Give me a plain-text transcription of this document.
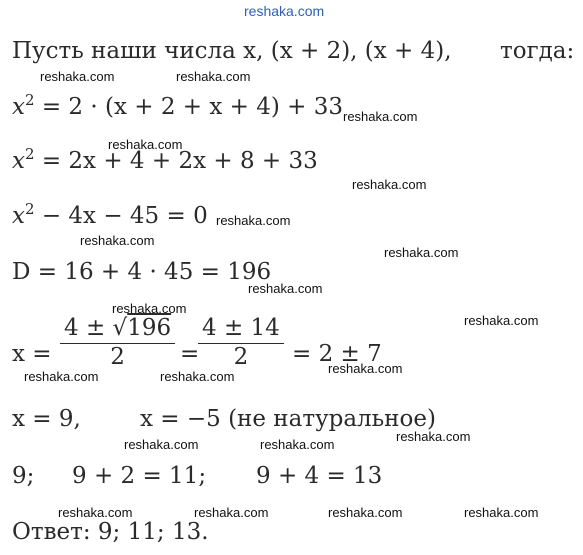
reshaka.com
Пусть наши числа x, (x + 2), (x + 4), тогда:
$x^2 = 2 \cdot (x + 2 + x + 4) + 33$
$x^2 = 2x + 4 + 2x + 8 + 33$
$x^2 - 4x - 45 = 0$
D = 16 + 4 · 45 = 196
$x = \frac{4 \pm √196}{2}$ =
$\frac{4 \pm 14}{2} = 2 \pm 7$
x = 9,	x = −5 (не натуральное)
9; 9 + 2 = 11; 9 + 4 = 13
Ответ: 9; 11; 13.
reshaka.com	reshaka.com
reshaka.com
reshaka.com
reshaka.com
reshaka.com
reshaka.com
reshaka.com
reshaka.com
reshaka.com
reshaka.com
reshaka.com
reshaka.com	reshaka.com
reshaka.com
reshaka.com	reshaka.com
reshaka.com	reshaka.com	reshaka.com	reshaka.com
